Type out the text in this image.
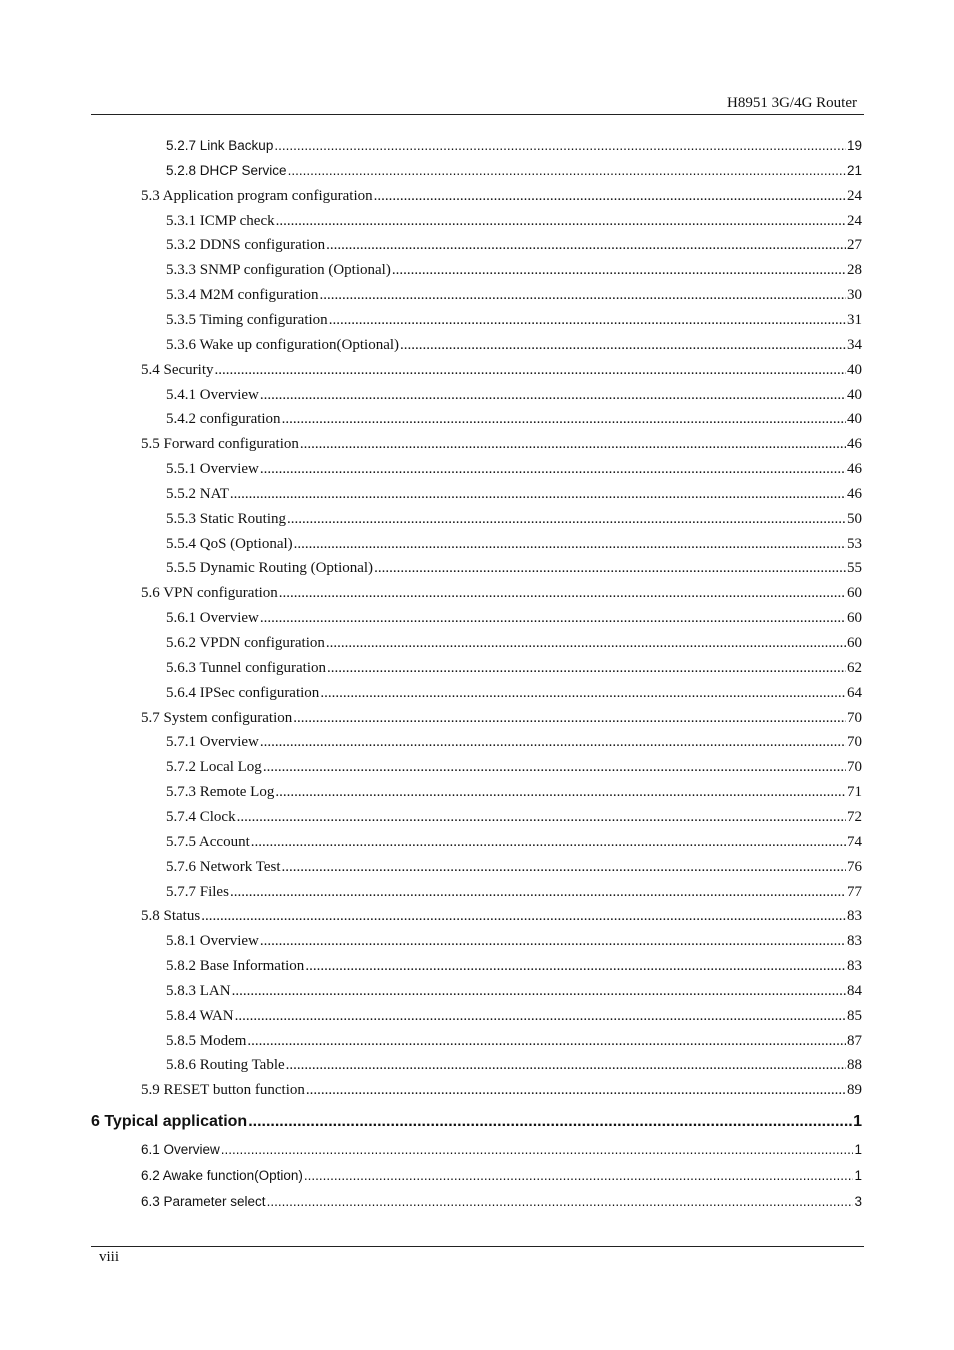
H8951 3G/4G Router
5.2.7 Link Backup .....	19
5.2.8 DHCP Service .....	21
5.3 Application program configuration .....	24
5.3.1 ICMP check .....	24
5.3.2 DDNS configuration .....	27
5.3.3 SNMP configuration (Optional) .....	28
5.3.4 M2M configuration .....	30
5.3.5 Timing configuration .....	31
5.3.6 Wake up configuration(Optional) .....	34
5.4 Security .....	40
5.4.1 Overview .....	40
5.4.2 configuration .....	40
5.5 Forward configuration .....	46
5.5.1 Overview .....	46
5.5.2 NAT .....	46
5.5.3 Static Routing .....	50
5.5.4 QoS (Optional) .....	53
5.5.5 Dynamic Routing (Optional) .....	55
5.6 VPN configuration .....	60
5.6.1 Overview .....	60
5.6.2 VPDN configuration .....	60
5.6.3 Tunnel configuration .....	62
5.6.4 IPSec configuration .....	64
5.7 System configuration .....	70
5.7.1 Overview .....	70
5.7.2 Local Log .....	70
5.7.3 Remote Log .....	71
5.7.4 Clock .....	72
5.7.5 Account .....	74
5.7.6 Network Test .....	76
5.7.7 Files .....	77
5.8 Status .....	83
5.8.1 Overview .....	83
5.8.2 Base Information .....	83
5.8.3 LAN .....	84
5.8.4 WAN .....	85
5.8.5 Modem .....	87
5.8.6 Routing Table .....	88
5.9 RESET button function .....	89
6 Typical application .....	1
6.1 Overview .....	1
6.2 Awake function(Option) .....	1
6.3 Parameter select .....	3
viii
